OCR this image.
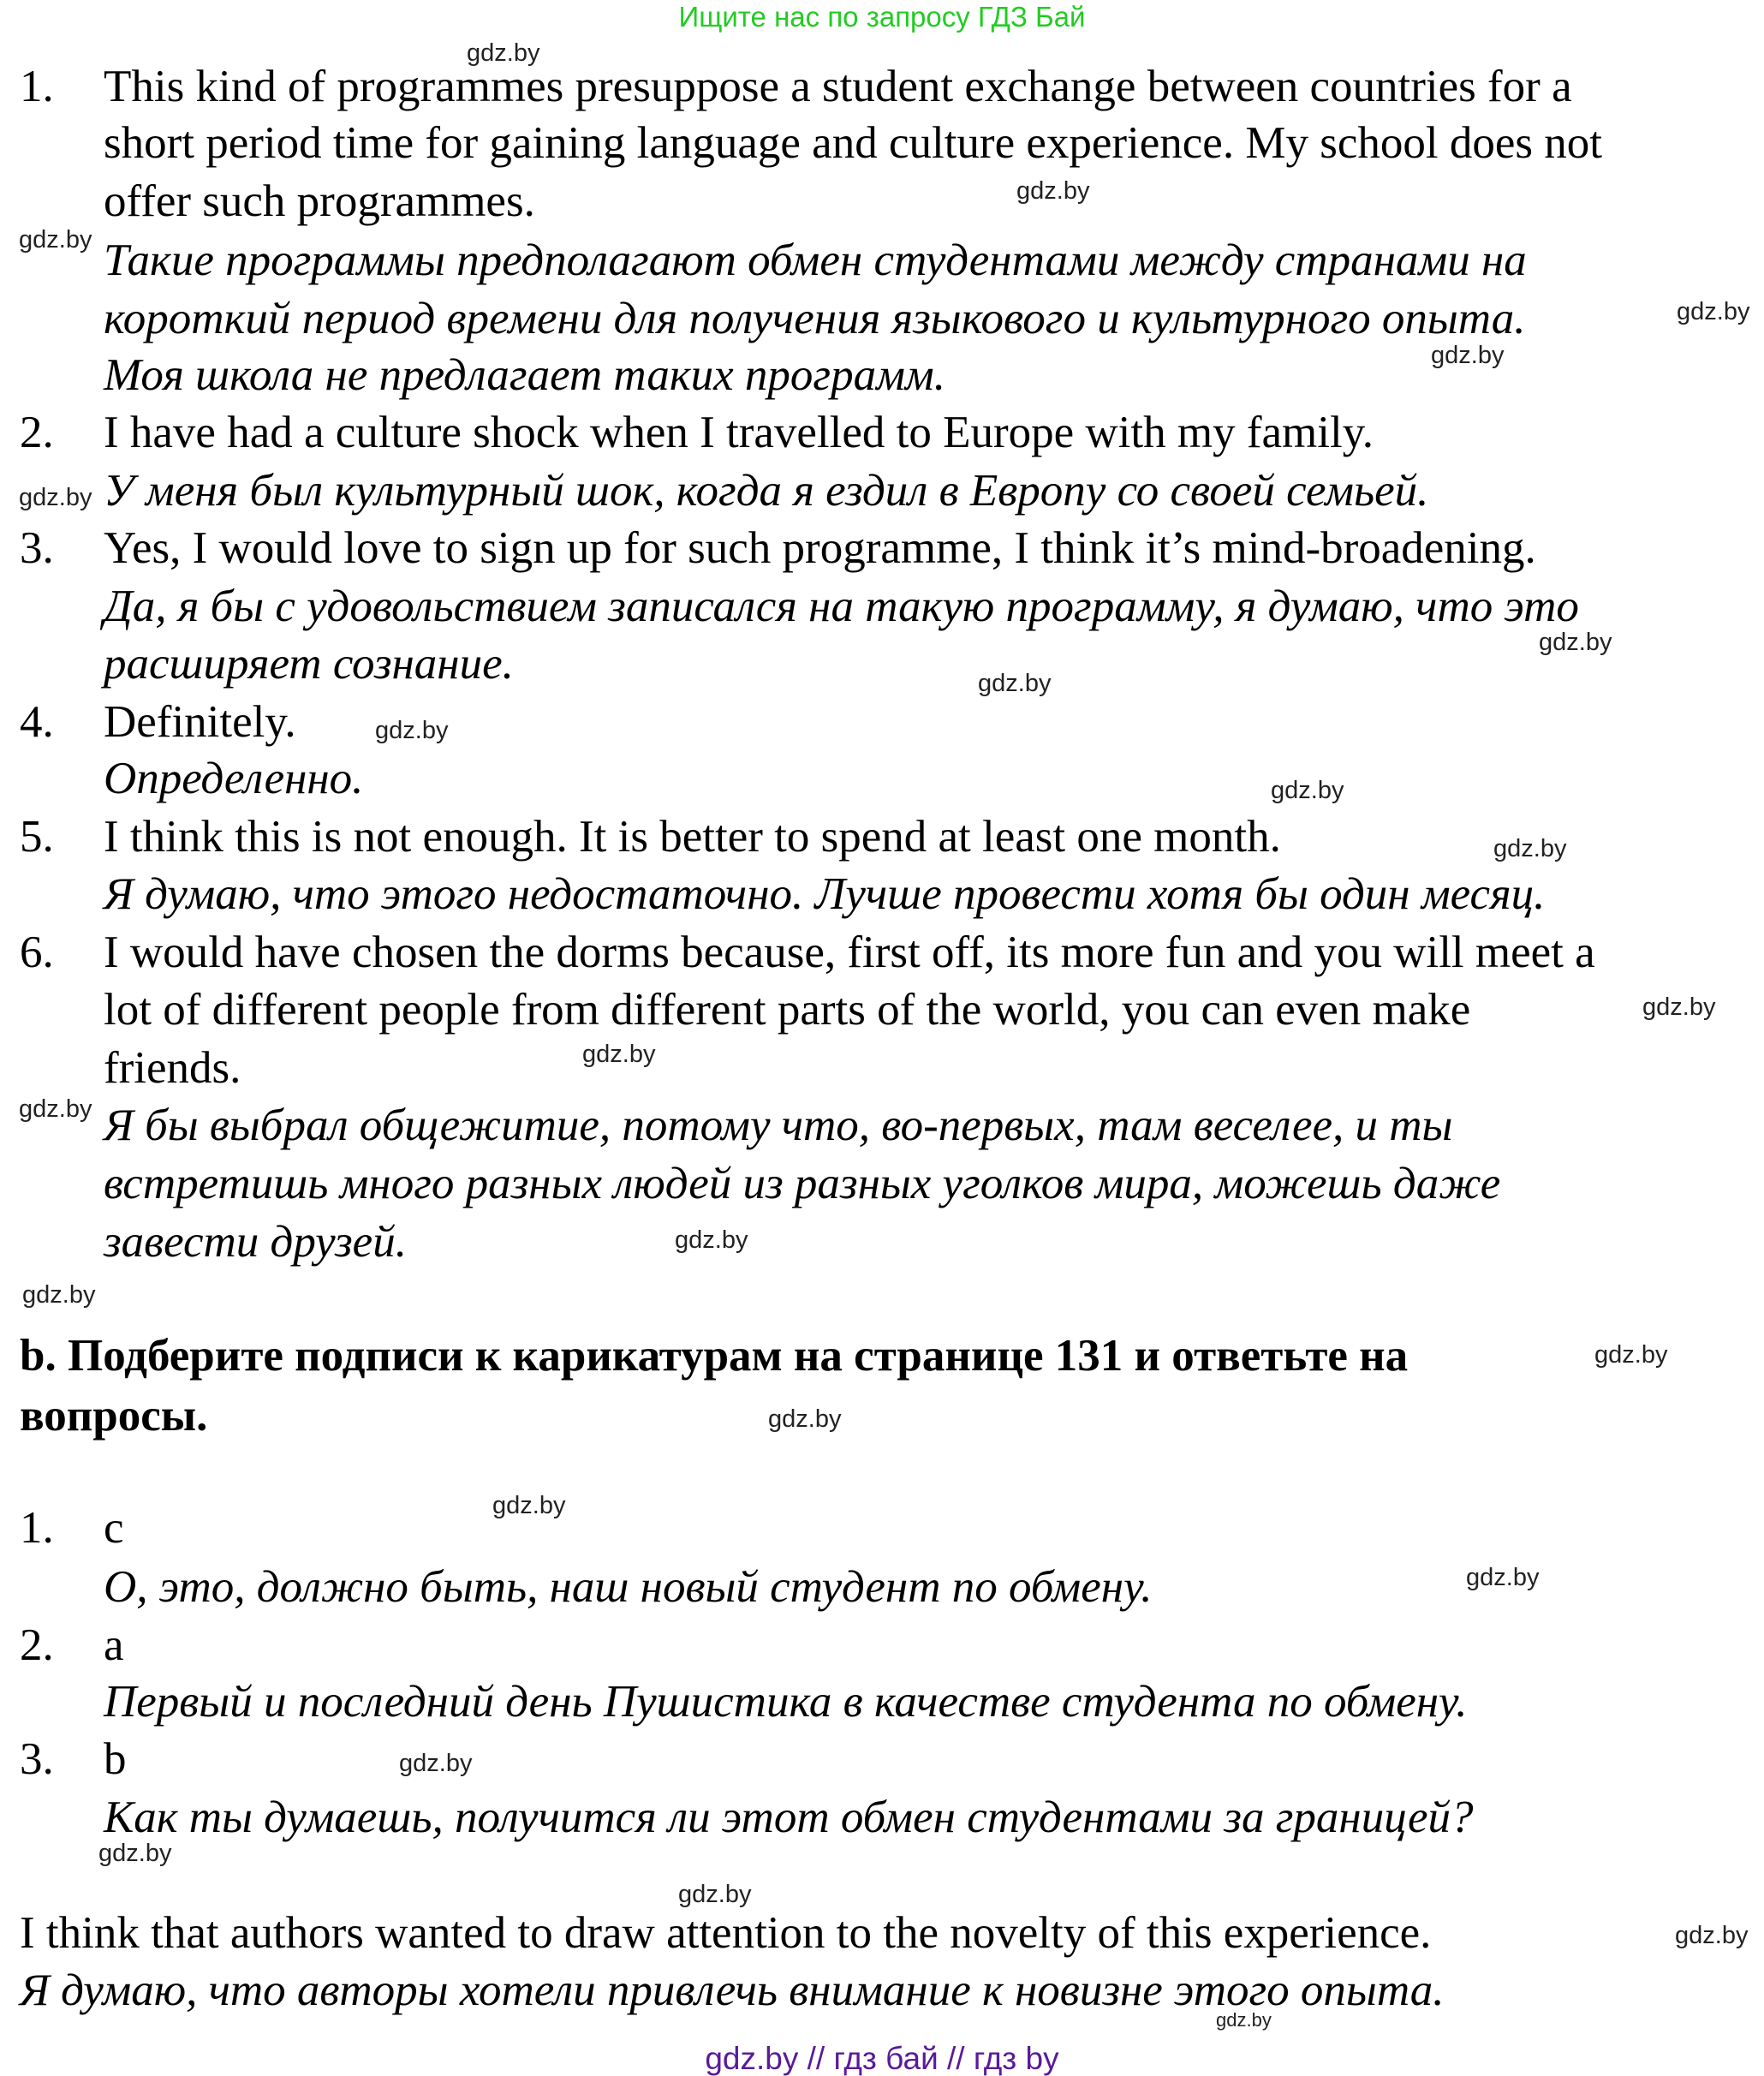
Ищите нас по запросу ГДЗ Бай
1. This kind of programmes presuppose a student exchange between countries for a
short period time for gaining language and culture experience. My school does not
offer such programmes.
Такие программы предполагают обмен студентами между странами на
короткий период времени для получения языкового и культурного опыта.
Моя школа не предлагает таких программ.
2. I have had a culture shock when I travelled to Europe with my family.
У меня был культурный шок, когда я ездил в Европу со своей семьей.
3. Yes, I would love to sign up for such programme, I think it’s mind-broadening.
Да, я бы с удовольствием записался на такую программу, я думаю, что это
расширяет сознание.
4. Definitely.
Определенно.
5. I think this is not enough. It is better to spend at least one month.
Я думаю, что этого недостаточно. Лучше провести хотя бы один месяц.
6. I would have chosen the dorms because, first off, its more fun and you will meet a
lot of different people from different parts of the world, you can even make
friends.
Я бы выбрал общежитие, потому что, во-первых, там веселее, и ты
встретишь много разных людей из разных уголков мира, можешь даже
завести друзей.
b. Подберите подписи к карикатурам на странице 131 и ответьте на
вопросы.
1. c
О, это, должно быть, наш новый студент по обмену.
2. a
Первый и последний день Пушистика в качестве студента по обмену.
3. b
Как ты думаешь, получится ли этот обмен студентами за границей?
I think that authors wanted to draw attention to the novelty of this experience.
Я думаю, что авторы хотели привлечь внимание к новизне этого опыта.
gdz.by
gdz.by
gdz.by
gdz.by
gdz.by
gdz.by
gdz.by
gdz.by
gdz.by
gdz.by
gdz.by
gdz.by
gdz.by
gdz.by
gdz.by
gdz.by
gdz.by
gdz.by
gdz.by
gdz.by
gdz.by
gdz.by
gdz.by
gdz.by
gdz.by
gdz.by // гдз бай // гдз by
